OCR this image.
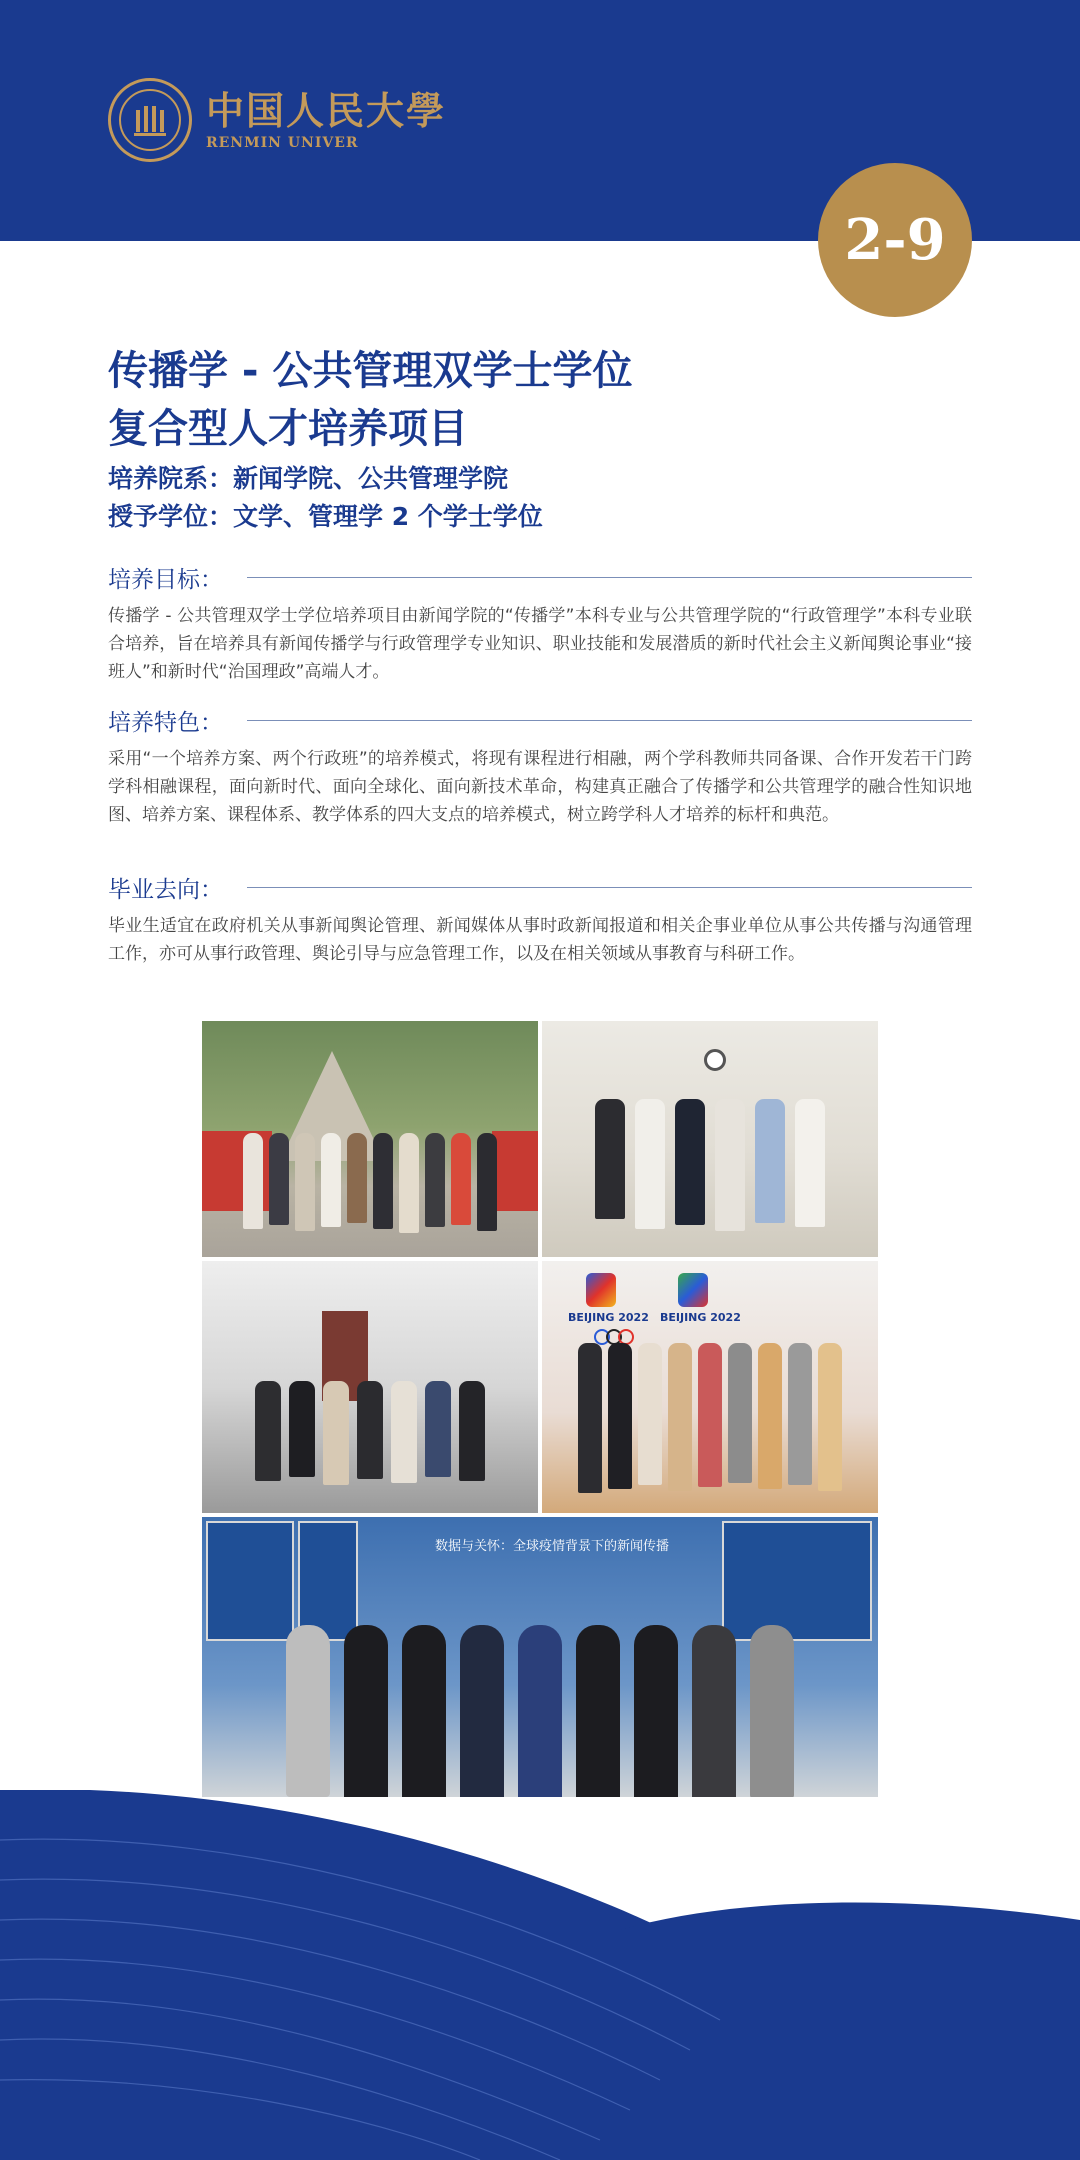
中国人民大學
RENMIN UNIVER
2-9
传播学 - 公共管理双学士学位
复合型人才培养项目
培养院系：新闻学院、公共管理学院
授予学位：文学、管理学 2 个学士学位
培养目标：
传播学 - 公共管理双学士学位培养项目由新闻学院的“传播学”本科专业与公共管理学院的“行政管理学”本科专业联合培养，旨在培养具有新闻传播学与行政管理学专业知识、职业技能和发展潜质的新时代社会主义新闻舆论事业“接班人”和新时代“治国理政”高端人才。
培养特色：
采用“一个培养方案、两个行政班”的培养模式，将现有课程进行相融，两个学科教师共同备课、合作开发若干门跨学科相融课程，面向新时代、面向全球化、面向新技术革命，构建真正融合了传播学和公共管理学的融合性知识地图、培养方案、课程体系、教学体系的四大支点的培养模式，树立跨学科人才培养的标杆和典范。
毕业去向：
毕业生适宜在政府机关从事新闻舆论管理、新闻媒体从事时政新闻报道和相关企事业单位从事公共传播与沟通管理工作，亦可从事行政管理、舆论引导与应急管理工作，以及在相关领域从事教育与科研工作。
BEIJING 2022 BEIJING 2022
数据与关怀：全球疫情背景下的新闻传播
